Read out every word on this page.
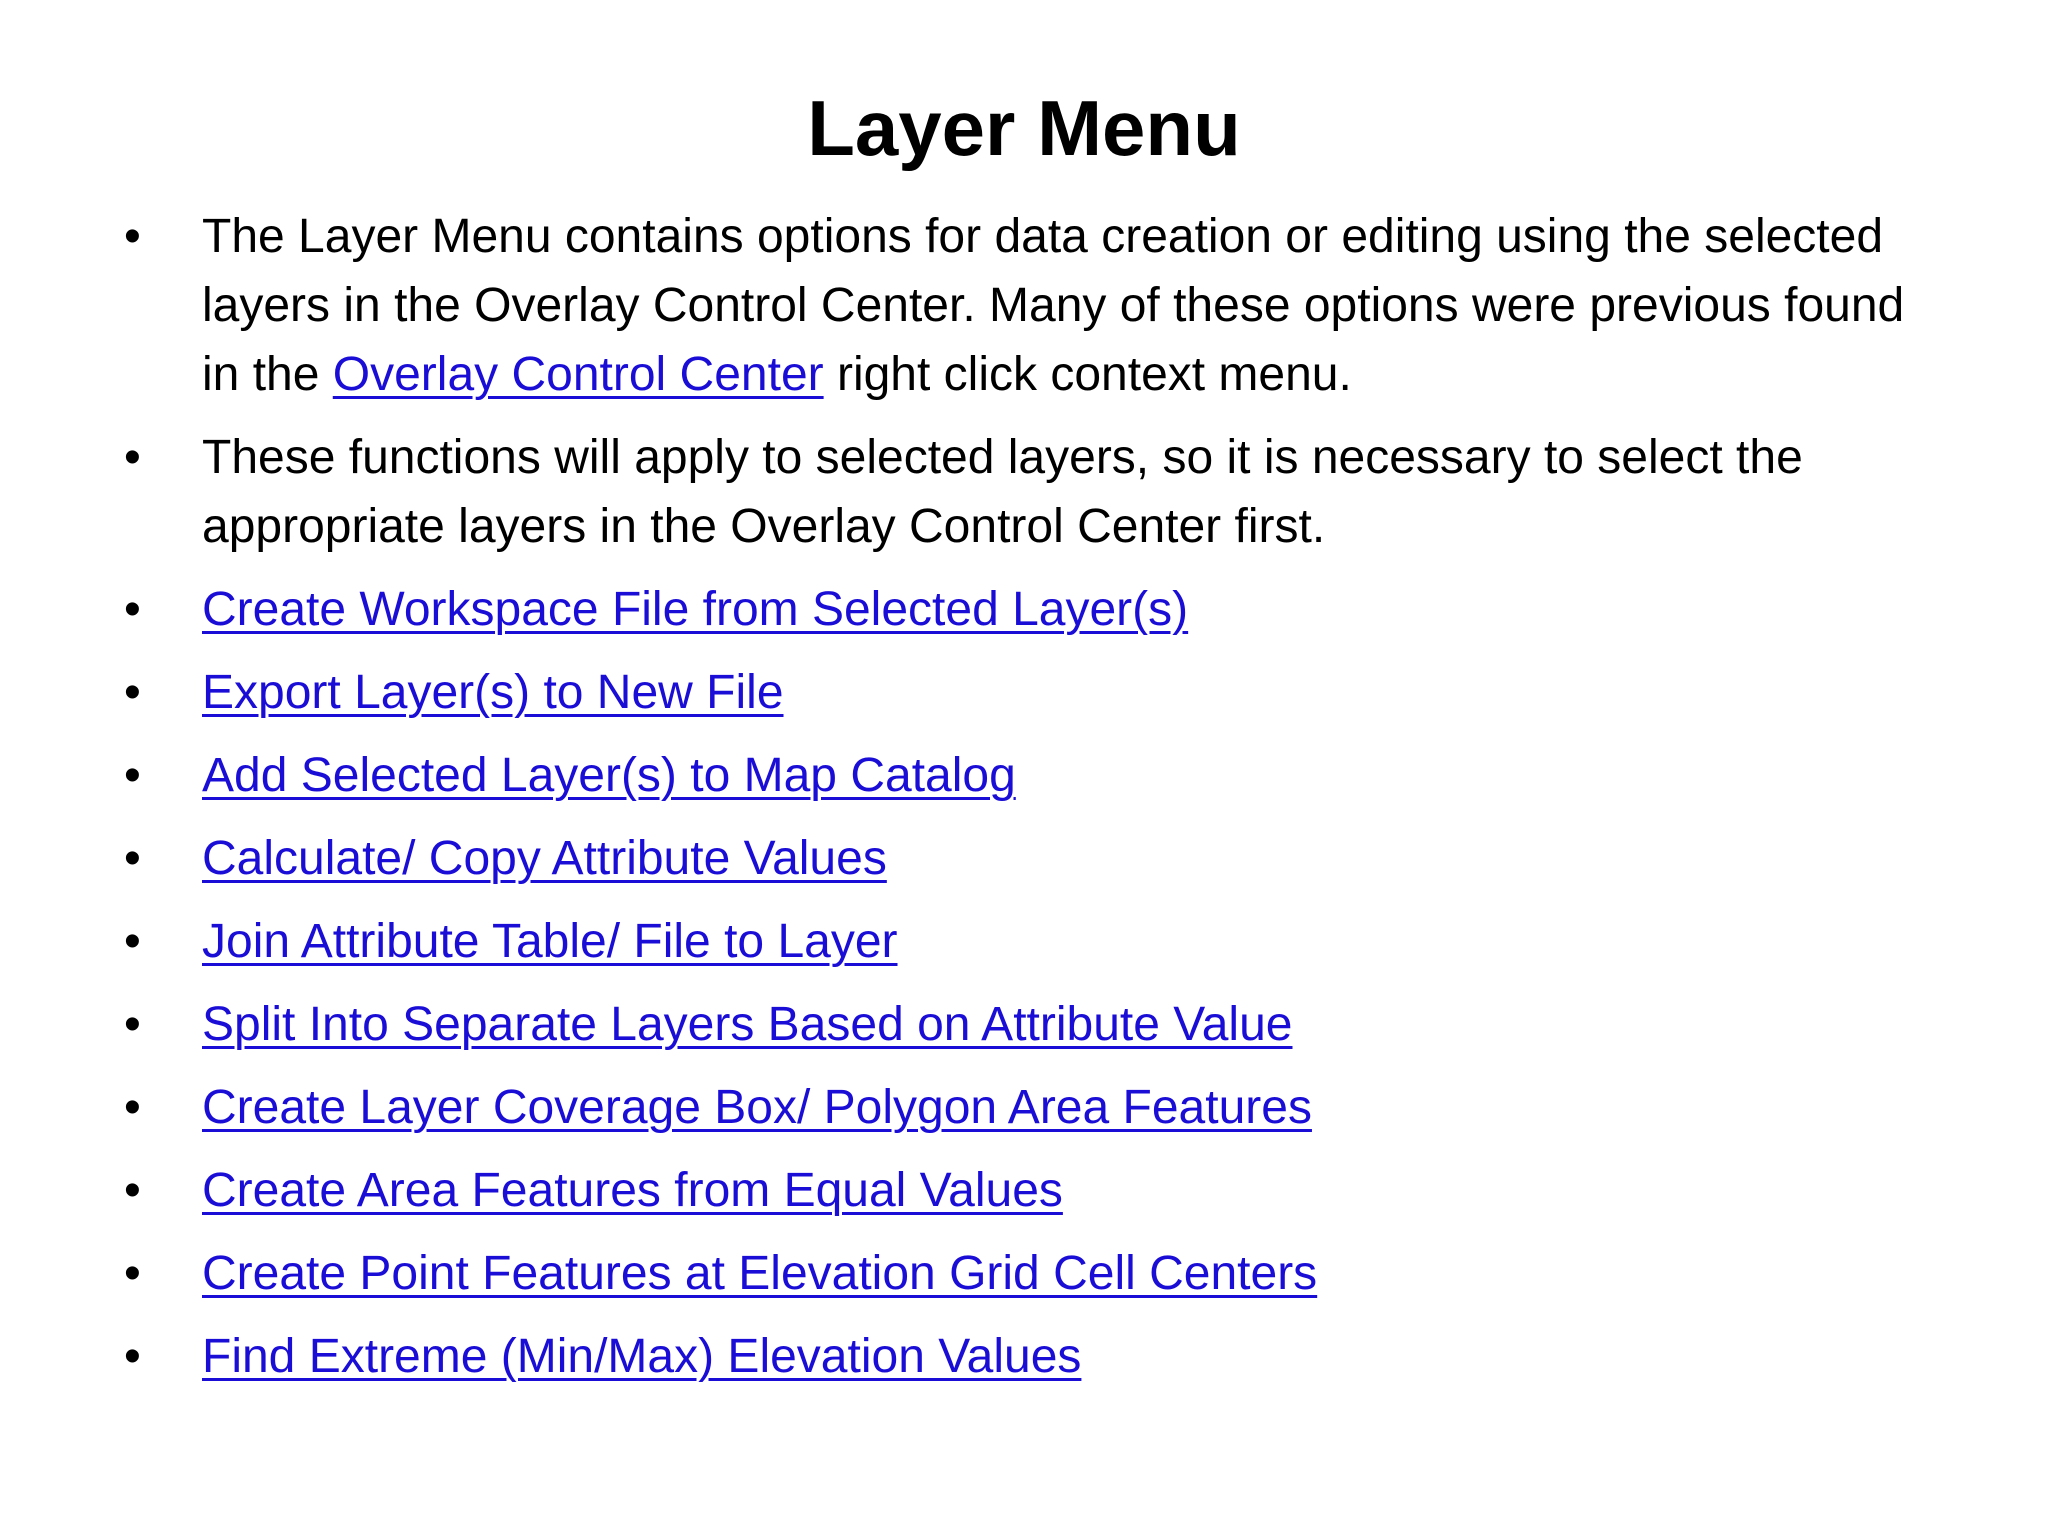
Layer Menu
• The Layer Menu contains options for data creation or editing using the selected layers in the Overlay Control Center. Many of these options were previous found in the Overlay Control Center right click context menu.
• These functions will apply to selected layers, so it is necessary to select the appropriate layers in the Overlay Control Center first.
• Create Workspace File from Selected Layer(s)
• Export Layer(s) to New File
• Add Selected Layer(s) to Map Catalog
• Calculate/ Copy Attribute Values
• Join Attribute Table/ File to Layer
• Split Into Separate Layers Based on Attribute Value
• Create Layer Coverage Box/ Polygon Area Features
• Create Area Features from Equal Values
• Create Point Features at Elevation Grid Cell Centers
• Find Extreme (Min/Max) Elevation Values
